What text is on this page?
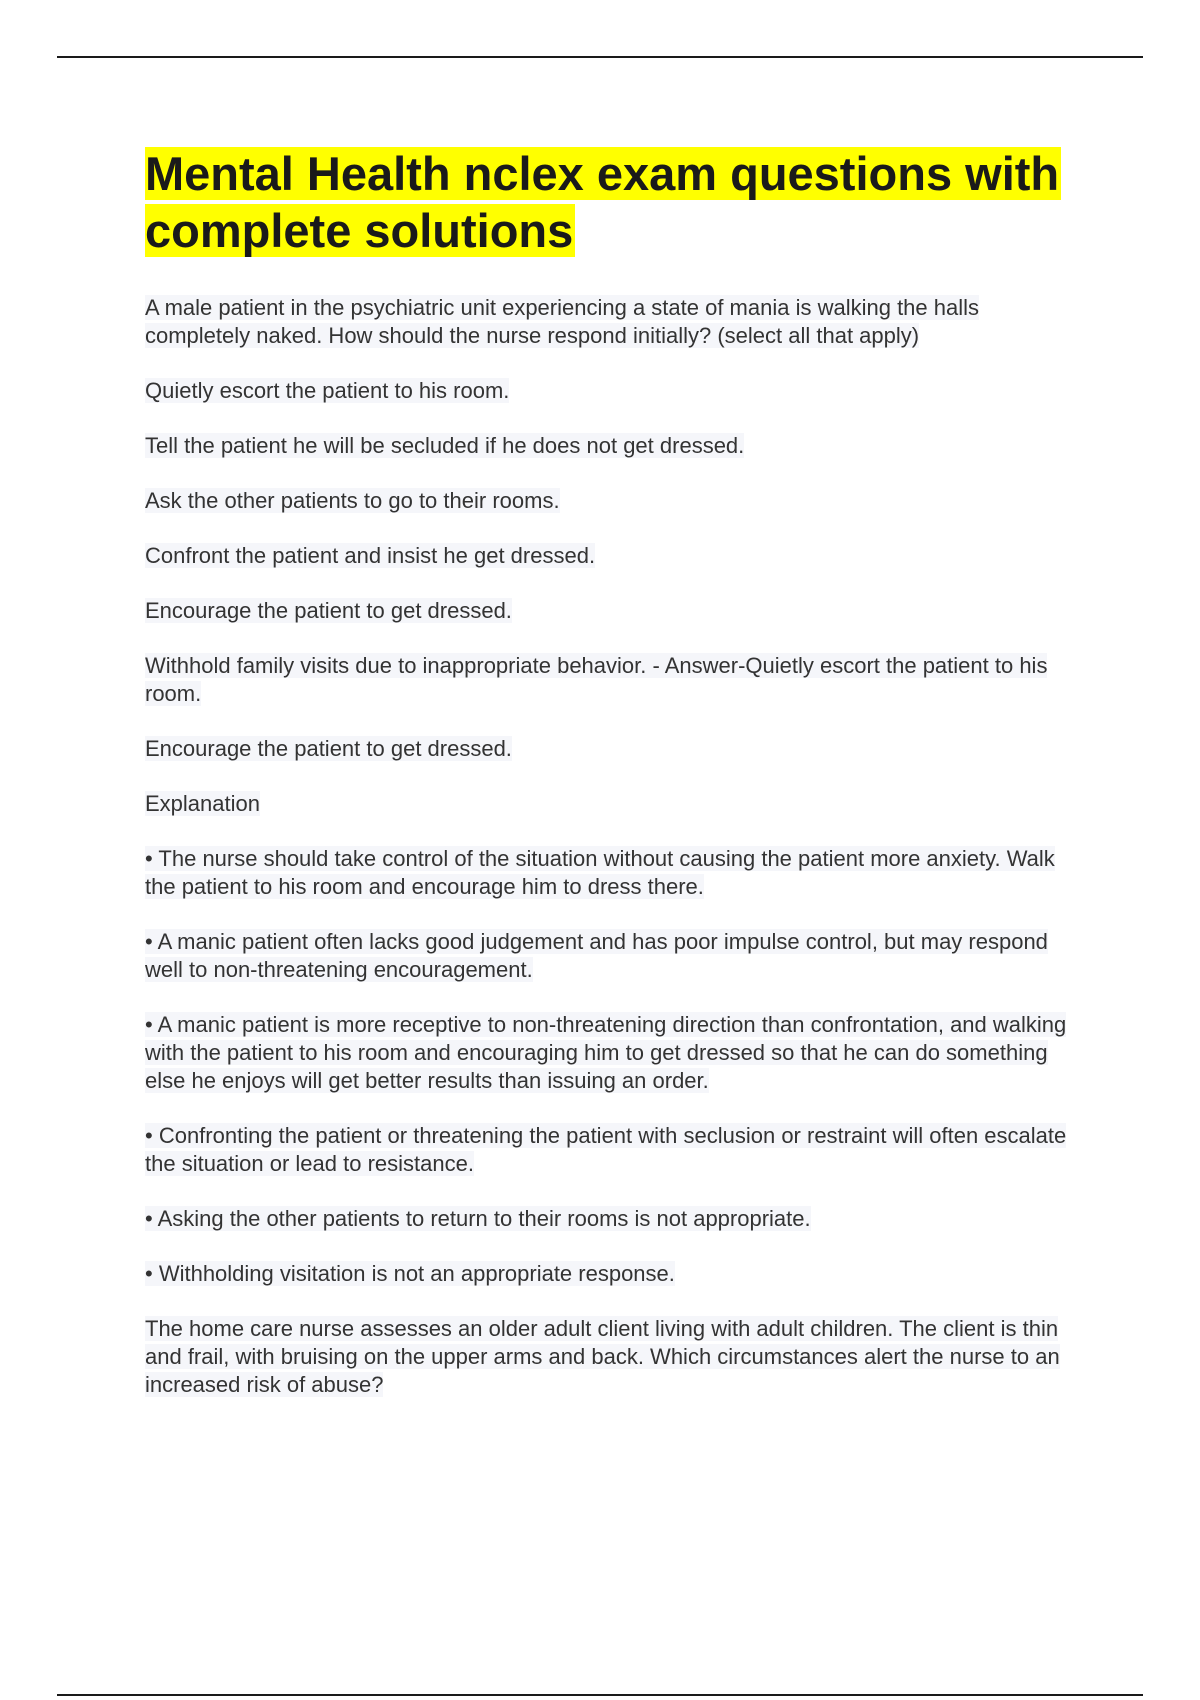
Mental Health nclex exam questions with complete solutions

A male patient in the psychiatric unit experiencing a state of mania is walking the halls completely naked. How should the nurse respond initially? (select all that apply)

Quietly escort the patient to his room.

Tell the patient he will be secluded if he does not get dressed.

Ask the other patients to go to their rooms.

Confront the patient and insist he get dressed.

Encourage the patient to get dressed.

Withhold family visits due to inappropriate behavior. - Answer-Quietly escort the patient to his room.

Encourage the patient to get dressed.

Explanation

• The nurse should take control of the situation without causing the patient more anxiety. Walk the patient to his room and encourage him to dress there.

• A manic patient often lacks good judgement and has poor impulse control, but may respond well to non-threatening encouragement.

• A manic patient is more receptive to non-threatening direction than confrontation, and walking with the patient to his room and encouraging him to get dressed so that he can do something else he enjoys will get better results than issuing an order.

• Confronting the patient or threatening the patient with seclusion or restraint will often escalate the situation or lead to resistance.

• Asking the other patients to return to their rooms is not appropriate.

• Withholding visitation is not an appropriate response.

The home care nurse assesses an older adult client living with adult children. The client is thin and frail, with bruising on the upper arms and back. Which circumstances alert the nurse to an increased risk of abuse?
